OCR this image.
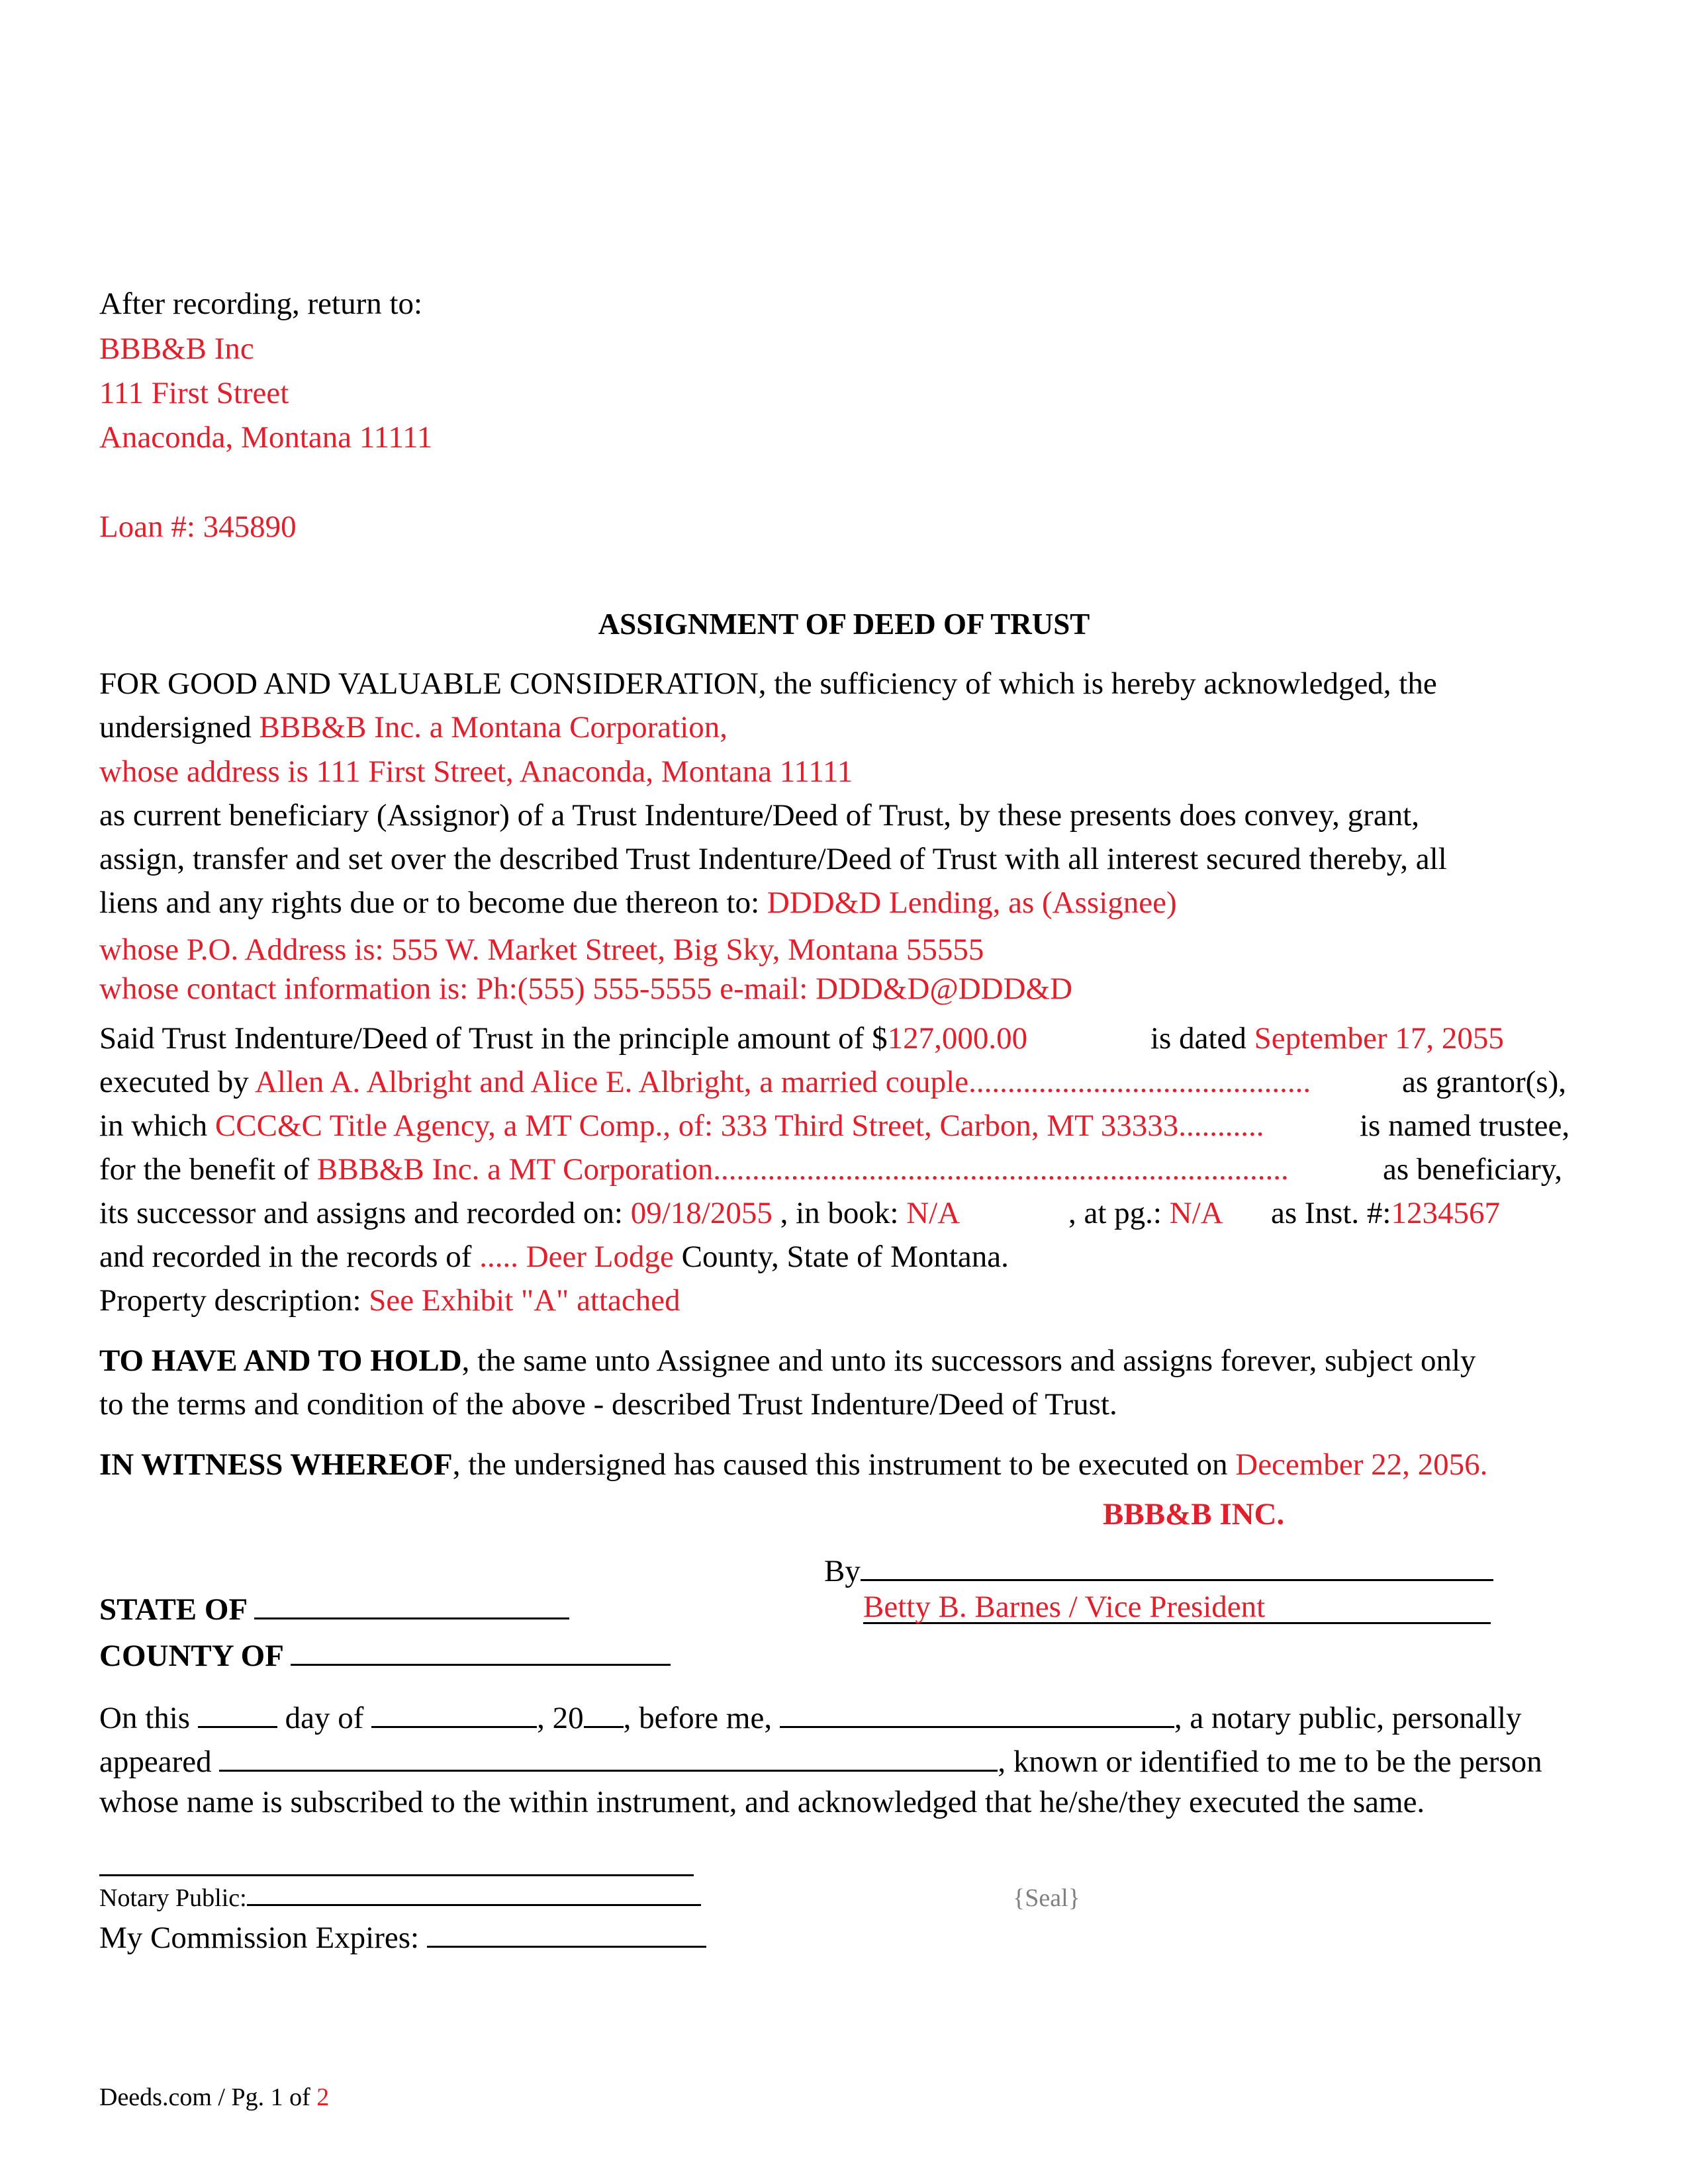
After recording, return to:
BBB&B Inc
111 First Street
Anaconda, Montana 11111
Loan #: 345890
ASSIGNMENT OF DEED OF TRUST
FOR GOOD AND VALUABLE CONSIDERATION, the sufficiency of which is hereby acknowledged, the
undersigned BBB&B Inc. a Montana Corporation,
whose address is 111 First Street, Anaconda, Montana 11111
as current beneficiary (Assignor) of a Trust Indenture/Deed of Trust, by these presents does convey, grant,
assign, transfer and set over the described Trust Indenture/Deed of Trust with all interest secured thereby, all
liens and any rights due or to become due thereon to: DDD&D Lending, as (Assignee)
whose P.O. Address is: 555 W. Market Street, Big Sky, Montana 55555
whose contact information is: Ph:(555) 555-5555 e-mail: DDD&D@DDD&D
Said Trust Indenture/Deed of Trust in the principle amount of $127,000.00	is dated September 17, 2055
executed by Allen A. Albright and Alice E. Albright, a married couple............................................	as grantor(s),
in which CCC&C Title Agency, a MT Comp., of: 333 Third Street, Carbon, MT 33333...........	is named trustee,
for the benefit of BBB&B Inc. a MT Corporation..........................................................................	as beneficiary,
its successor and assigns and recorded on: 09/18/2055 , in book: N/A	, at pg.: N/A as Inst. #:1234567
and recorded in the records of ..... Deer Lodge County, State of Montana.
Property description: See Exhibit "A" attached
TO HAVE AND TO HOLD, the same unto Assignee and unto its successors and assigns forever, subject only
to the terms and condition of the above - described Trust Indenture/Deed of Trust.
IN WITNESS WHEREOF, the undersigned has caused this instrument to be executed on December 22, 2056.
BBB&B INC.
By
Betty B. Barnes / Vice President
STATE OF
COUNTY OF
On this	day of	, 20 , before me,	, a notary public, personally
appeared	, known or identified to me to be the person
whose name is subscribed to the within instrument, and acknowledged that he/she/they executed the same.
Notary Public:	{Seal}
My Commission Expires:
Deeds.com / Pg. 1 of 2
